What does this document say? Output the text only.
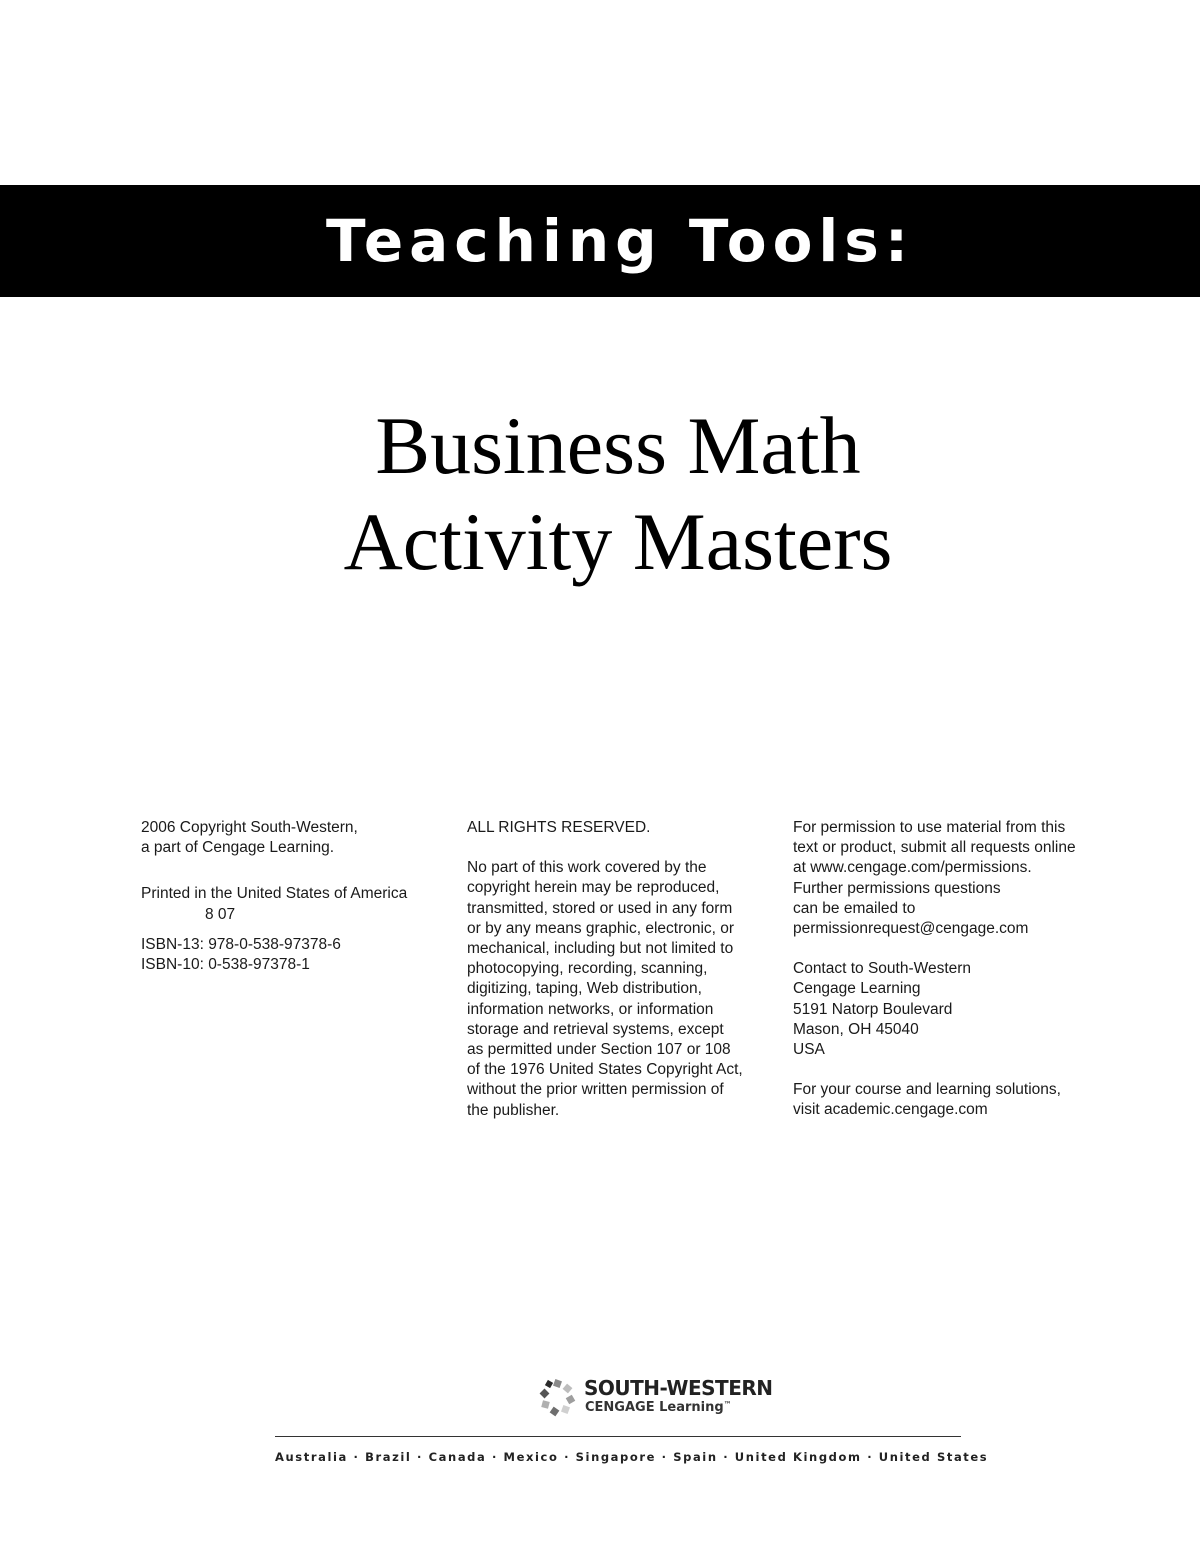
Teaching Tools:
Business Math
Activity Masters
2006 Copyright South-Western,
a part of Cengage Learning.
Printed in the United States of America
8 07
ISBN-13: 978-0-538-97378-6
ISBN-10: 0-538-97378-1
ALL RIGHTS RESERVED.
No part of this work covered by the
copyright herein may be reproduced,
transmitted, stored or used in any form
or by any means graphic, electronic, or
mechanical, including but not limited to
photocopying, recording, scanning,
digitizing, taping, Web distribution,
information networks, or information
storage and retrieval systems, except
as permitted under Section 107 or 108
of the 1976 United States Copyright Act,
without the prior written permission of
the publisher.
For permission to use material from this
text or product, submit all requests online
at www.cengage.com/permissions.
Further permissions questions
can be emailed to
permissionrequest@cengage.com
Contact to South-Western
Cengage Learning
5191 Natorp Boulevard
Mason, OH 45040
USA
For your course and learning solutions,
visit academic.cengage.com
SOUTH-WESTERN
CENGAGE Learning™
Australia · Brazil · Canada · Mexico · Singapore · Spain · United Kingdom · United States
